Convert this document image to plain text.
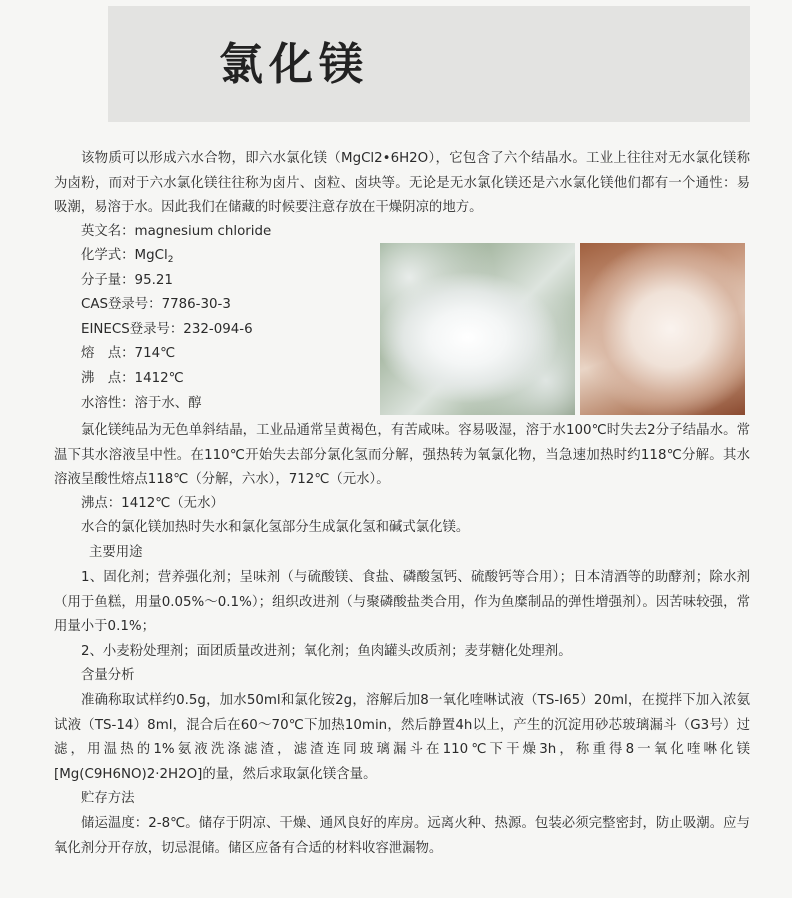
氯化镁

该物质可以形成六水合物，即六水氯化镁（MgCl2•6H2O），它包含了六个结晶水。工业上往往对无水氯化镁称为卤粉，而对于六水氯化镁往往称为卤片、卤粒、卤块等。无论是无水氯化镁还是六水氯化镁他们都有一个通性：易吸潮，易溶于水。因此我们在储藏的时候要注意存放在干燥阴凉的地方。

英文名：magnesium chloride

化学式：MgCl$_2$

分子量：95.21

CAS登录号：7786-30-3

EINECS登录号：232-094-6

熔　点：714℃

沸　点：1412℃

水溶性：溶于水、醇

氯化镁纯品为无色单斜结晶，工业品通常呈黄褐色，有苦咸味。容易吸湿，溶于水100℃时失去2分子结晶水。常温下其水溶液呈中性。在110℃开始失去部分氯化氢而分解，强热转为氧氯化物，当急速加热时约118℃分解。其水溶液呈酸性熔点118℃（分解，六水），712℃（元水）。

沸点：1412℃（无水）

水合的氯化镁加热时失水和氯化氢部分生成氯化氢和碱式氯化镁。

主要用途

1、固化剂；营养强化剂；呈味剂（与硫酸镁、食盐、磷酸氢钙、硫酸钙等合用）；日本清酒等的助酵剂；除水剂（用于鱼糕，用量0.05%～0.1%）；组织改进剂（与聚磷酸盐类合用，作为鱼糜制品的弹性增强剂）。因苦味较强，常用量小于0.1%；

2、小麦粉处理剂；面团质量改进剂；氧化剂；鱼肉罐头改质剂；麦芽糖化处理剂。

含量分析

准确称取试样约0.5g，加水50ml和氯化铵2g，溶解后加8一氧化喹啉试液（TS-I65）20ml，在搅拌下加入浓氨试液（TS-14）8ml，混合后在60～70℃下加热10min，然后静置4h以上，产生的沉淀用砂芯玻璃漏斗（G3号）过滤，用温热的1%氨液洗涤滤渣，滤渣连同玻璃漏斗在110℃下干燥3h，称重得8一氧化喹啉化镁[Mg(C9H6NO)2·2H2O]的量，然后求取氯化镁含量。

贮存方法

储运温度：2-8℃。储存于阴凉、干燥、通风良好的库房。远离火种、热源。包装必须完整密封，防止吸潮。应与氧化剂分开存放，切忌混储。储区应备有合适的材料收容泄漏物。
